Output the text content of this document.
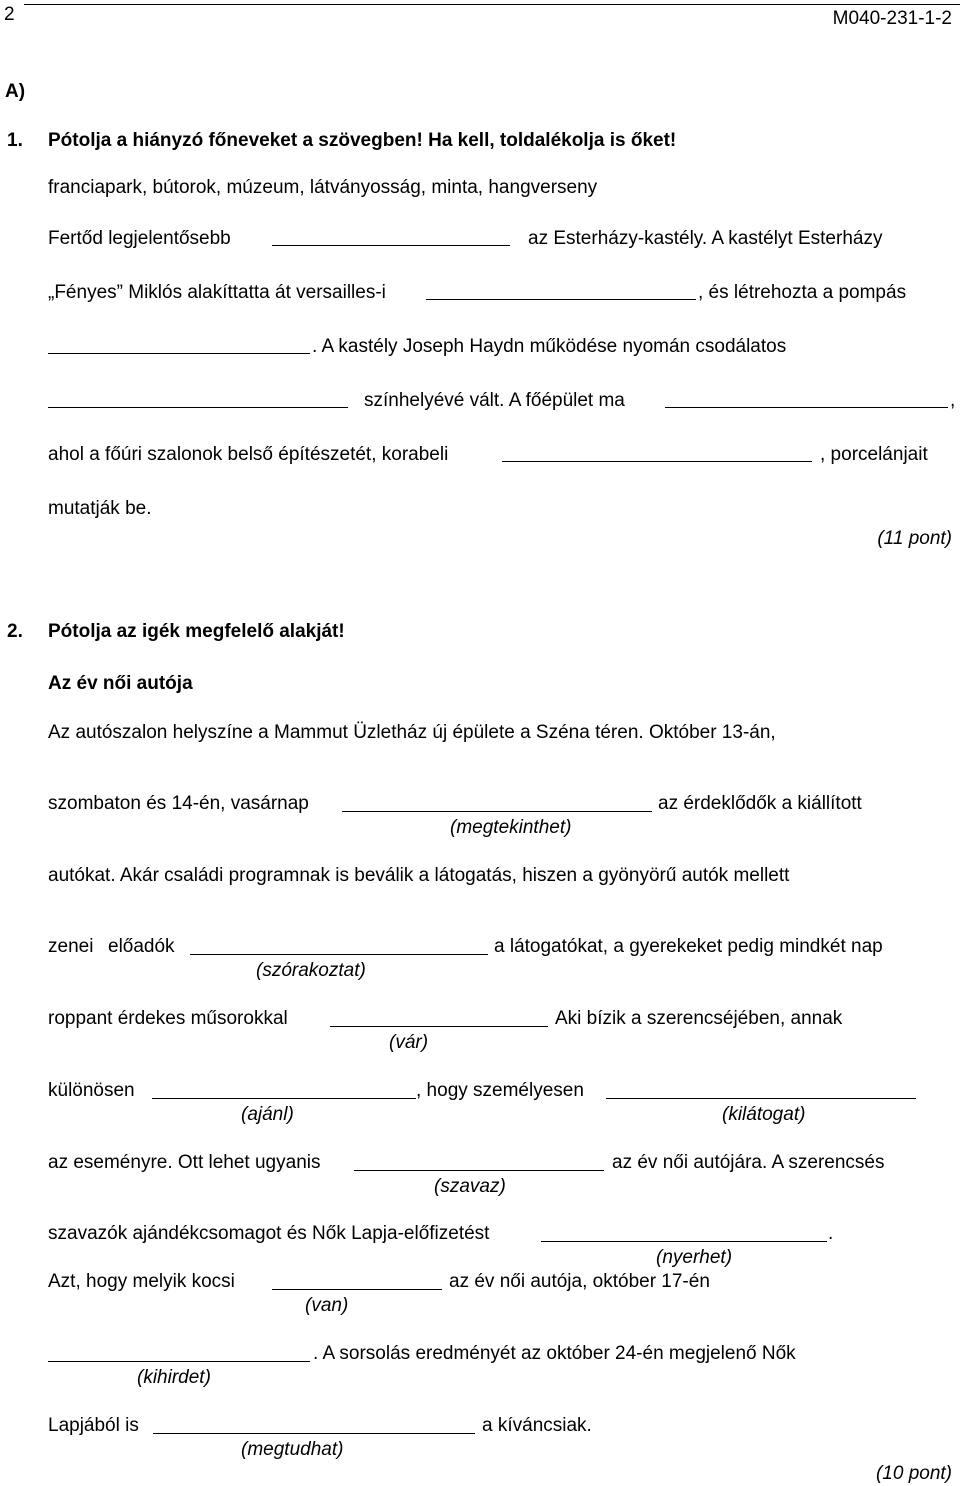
2	M040-231-1-2
A)
1. Pótolja a hiányzó főneveket a szövegben! Ha kell, toldalékolja is őket!
franciapark, bútorok, múzeum, látványosság, minta, hangverseny
Fertőd legjelentősebb	az Esterházy-kastély. A kastélyt Esterházy
„Fényes” Miklós alakíttatta át versailles-i	, és létrehozta a pompás
. A kastély Joseph Haydn működése nyomán csodálatos
színhelyévé vált. A főépület ma	,
ahol a főúri szalonok belső építészetét, korabeli	, porcelánjait
mutatják be.
(11 pont)
2. Pótolja az igék megfelelő alakját!
Az év női autója
Az autószalon helyszíne a Mammut Üzletház új épülete a Széna téren. Október 13-án,
szombaton és 14-én, vasárnap	az érdeklődők a kiállított
(megtekinthet)
autókat. Akár családi programnak is beválik a látogatás, hiszen a gyönyörű autók mellett
zenei előadók	a látogatókat, a gyerekeket pedig mindkét nap
(szórakoztat)
roppant érdekes műsorokkal	Aki bízik a szerencséjében, annak
(vár)
különösen	, hogy személyesen
(ajánl)	(kilátogat)
az eseményre. Ott lehet ugyanis	az év női autójára. A szerencsés
(szavaz)
szavazók ajándékcsomagot és Nők Lapja-előfizetést	.
(nyerhet)
Azt, hogy melyik kocsi	az év női autója, október 17-én
(van)
. A sorsolás eredményét az október 24-én megjelenő Nők
(kihirdet)
Lapjából is	a kíváncsiak.
(megtudhat)
(10 pont)
